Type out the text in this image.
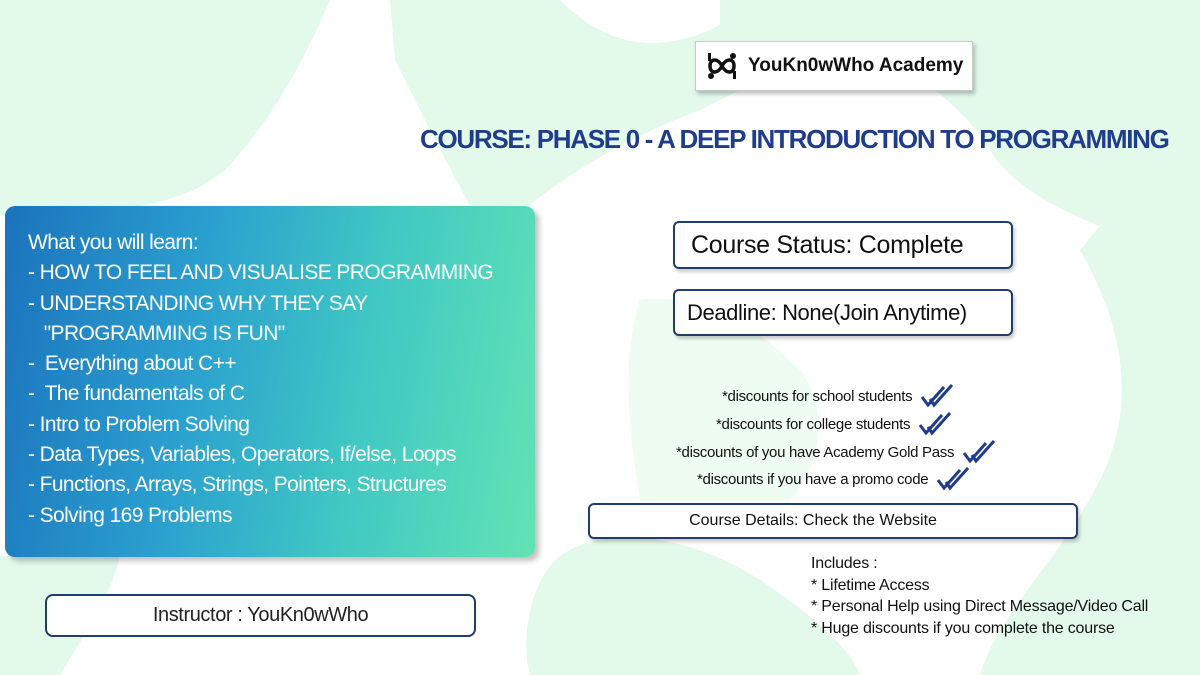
YouKn0wWho Academy
COURSE: PHASE 0 - A DEEP INTRODUCTION TO PROGRAMMING
What you will learn:
- HOW TO FEEL AND VISUALISE PROGRAMMING
- UNDERSTANDING WHY THEY SAY
"PROGRAMMING IS FUN"
-  Everything about C++
-  The fundamentals of C
- Intro to Problem Solving
- Data Types, Variables, Operators, If/else, Loops
- Functions, Arrays, Strings, Pointers, Structures
- Solving 169 Problems
Instructor : YouKn0wWho
Course Status: Complete
Deadline: None(Join Anytime)
*discounts for school students
*discounts for college students
*discounts of you have Academy Gold Pass
*discounts if you have a promo code
Course Details: Check the Website
Includes :
* Lifetime Access
* Personal Help using Direct Message/Video Call
* Huge discounts if you complete the course
